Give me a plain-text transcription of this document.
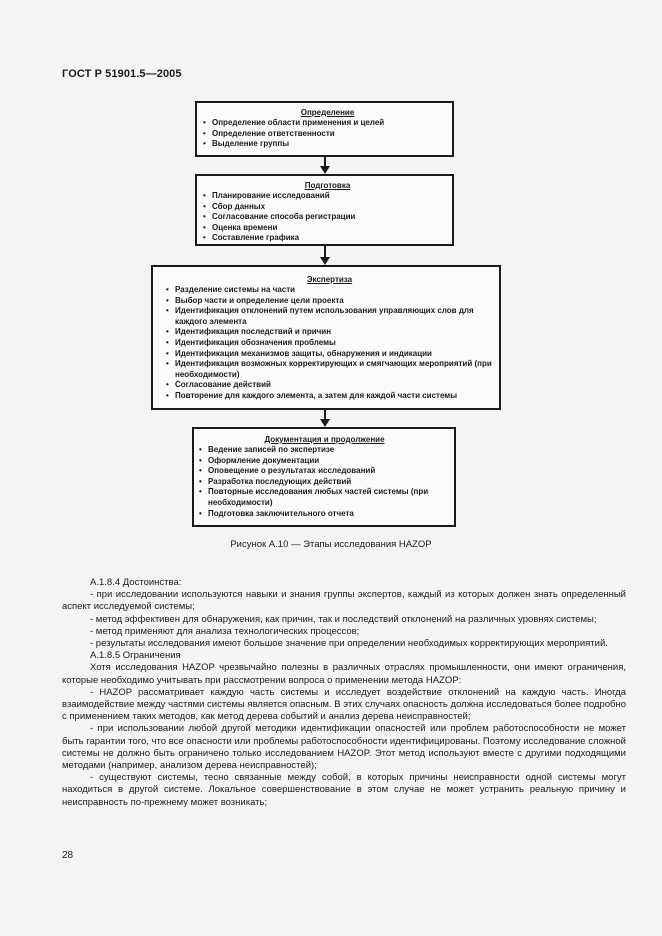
ГОСТ Р 51901.5—2005
Определение
• Определение области применения и целей
• Определение ответственности
• Выделение группы
Подготовка
• Планирование исследований
• Сбор данных
• Согласование способа регистрации
• Оценка времени
• Составление графика
Экспертиза
• Разделение системы на части
• Выбор части и определение цели проекта
• Идентификация отклонений путем использования управляющих слов для каждого элемента
• Идентификация последствий и причин
• Идентификация обозначения проблемы
• Идентификация механизмов защиты, обнаружения и индикации
• Идентификация возможных корректирующих и смягчающих мероприятий (при необходимости)
• Согласование действий
• Повторение для каждого элемента, а затем для каждой части системы
Документация и продолжение
• Ведение записей по экспертизе
• Оформление документации
• Оповещение о результатах исследований
• Разработка последующих действий
• Повторные исследования любых частей системы (при необходимости)
• Подготовка заключительного отчета
Рисунок А.10 — Этапы исследования HAZOP

А.1.8.4 Достоинства:

- при исследовании используются навыки и знания группы экспертов, каждый из которых должен знать определенный аспект исследуемой системы;

- метод эффективен для обнаружения, как причин, так и последствий отклонений на различных уровнях системы;

- метод применяют для анализа технологических процессов;

- результаты исследования имеют большое значение при определении необходимых корректирующих мероприятий.

А.1.8.5 Ограничения

Хотя исследования HAZOP чрезвычайно полезны в различных отраслях промышленности, они имеют ограничения, которые необходимо учитывать при рассмотрении вопроса о применении метода HAZOP:

- HAZOP рассматривает каждую часть системы и исследует воздействие отклонений на каждую часть. Иногда взаимодействие между частями системы является опасным. В этих случаях опасность должна исследоваться более подробно с применением таких методов, как метод дерева событий и анализ дерева неисправностей;

- при использовании любой другой методики идентификации опасностей или проблем работоспособности не может быть гарантии того, что все опасности или проблемы работоспособности идентифицированы. Поэтому исследование сложной системы не должно быть ограничено только исследованием HAZOP. Этот метод используют вместе с другими подходящими методами (например, анализом дерева неисправностей);

- существуют системы, тесно связанные между собой, в которых причины неисправности одной системы могут находиться в другой системе. Локальное совершенствование в этом случае не может устранить реальную причину и неисправность по-прежнему может возникать;

28
